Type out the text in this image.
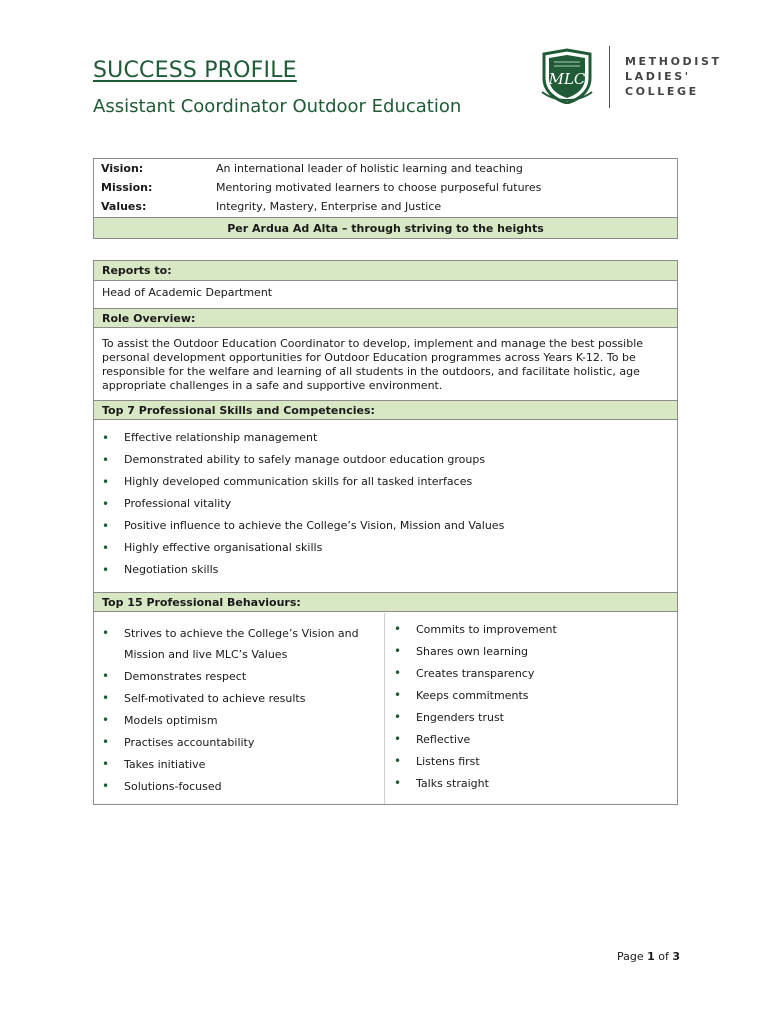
SUCCESS PROFILE
Assistant Coordinator Outdoor Education
MLC
METHODIST
LADIES'
COLLEGE
Vision:	An international leader of holistic learning and teaching
Mission:	Mentoring motivated learners to choose purposeful futures
Values:	Integrity, Mastery, Enterprise and Justice
Per Ardua Ad Alta – through striving to the heights
Reports to:
Head of Academic Department
Role Overview:
To assist the Outdoor Education Coordinator to develop, implement and manage the best possible personal development opportunities for Outdoor Education programmes across Years K-12. To be responsible for the welfare and learning of all students in the outdoors, and facilitate holistic, age appropriate challenges in a safe and supportive environment.
Top 7 Professional Skills and Competencies:
• Effective relationship management
• Demonstrated ability to safely manage outdoor education groups
• Highly developed communication skills for all tasked interfaces
• Professional vitality
• Positive influence to achieve the College’s Vision, Mission and Values
• Highly effective organisational skills
• Negotiation skills
Top 15 Professional Behaviours:
• Strives to achieve the College’s Vision and Mission and live MLC’s Values
• Demonstrates respect
• Self-motivated to achieve results
• Models optimism
• Practises accountability
• Takes initiative
• Solutions-focused
• Commits to improvement
• Shares own learning
• Creates transparency
• Keeps commitments
• Engenders trust
• Reflective
• Listens first
• Talks straight
Page 1 of 3
